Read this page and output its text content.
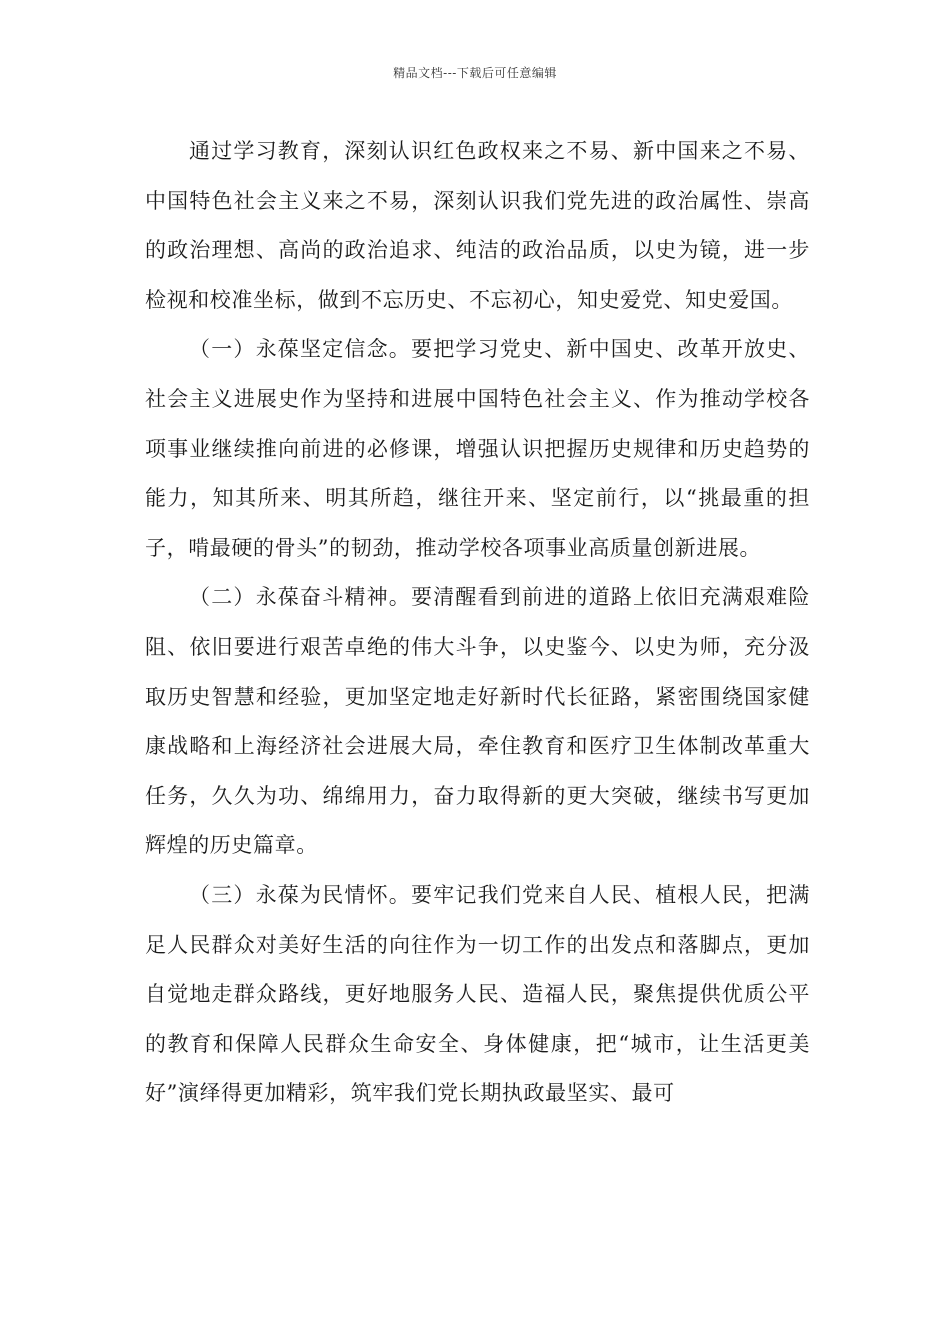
精品文档---下载后可任意编辑

通过学习教育，深刻认识红色政权来之不易、新中国来之不易、中国特色社会主义来之不易，深刻认识我们党先进的政治属性、崇高的政治理想、高尚的政治追求、纯洁的政治品质，以史为镜，进一步检视和校准坐标，做到不忘历史、不忘初心，知史爱党、知史爱国。

（一）永葆坚定信念。要把学习党史、新中国史、改革开放史、社会主义进展史作为坚持和进展中国特色社会主义、作为推动学校各项事业继续推向前进的必修课，增强认识把握历史规律和历史趋势的能力，知其所来、明其所趋，继往开来、坚定前行，以“挑最重的担子，啃最硬的骨头”的韧劲，推动学校各项事业高质量创新进展。

（二）永葆奋斗精神。要清醒看到前进的道路上依旧充满艰难险阻、依旧要进行艰苦卓绝的伟大斗争，以史鉴今、以史为师，充分汲取历史智慧和经验，更加坚定地走好新时代长征路，紧密围绕国家健康战略和上海经济社会进展大局，牵住教育和医疗卫生体制改革重大任务，久久为功、绵绵用力，奋力取得新的更大突破，继续书写更加辉煌的历史篇章。

（三）永葆为民情怀。要牢记我们党来自人民、植根人民，把满足人民群众对美好生活的向往作为一切工作的出发点和落脚点，更加自觉地走群众路线，更好地服务人民、造福人民，聚焦提供优质公平的教育和保障人民群众生命安全、身体健康，把“城市，让生活更美好”演绎得更加精彩，筑牢我们党长期执政最坚实、最可
